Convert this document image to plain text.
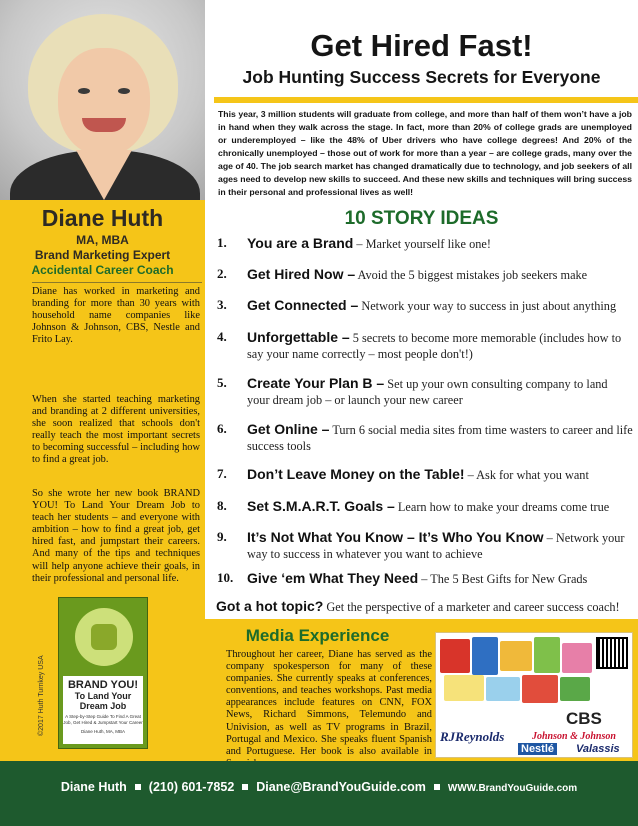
Diane Huth
MA, MBA
Brand Marketing Expert
Accidental Career Coach

Diane has worked in marketing and branding for more than 30 years with household name companies like Johnson & Johnson, CBS, Nestle and Frito Lay.

When she started teaching marketing and branding at 2 different universities, she soon realized that schools don't really teach the most important secrets to becoming successful – including how to find a great job.

So she wrote her new book BRAND YOU! To Land Your Dream Job to teach her students – and everyone with ambition – how to find a great job, get hired fast, and jumpstart their careers. And many of the tips and techniques will help anyone achieve their goals, in their professional and personal life.

BRAND YOU!
To Land Your Dream Job
A Step-by-Step Guide To Find A Great Job, Get Hired & Jumpstart Your Career
Diane Huth, MA, MBA
©2017 Huth Turnkey USA
Get Hired Fast!
Job Hunting Success Secrets for Everyone

This year, 3 million students will graduate from college, and more than half of them won’t have a job in hand when they walk across the stage. In fact, more than 20% of college grads are unemployed or underemployed – like the 48% of Uber drivers who have college degrees! And 20% of the chronically unemployed – those out of work for more than a year – are college grads, many over the age of 40. The job search market has changed dramatically due to technology, and job seekers of all ages need to develop new skills to succeed. And these new skills and techniques will bring success in their personal and professional lives as well!

10 STORY IDEAS
1. You are a Brand – Market yourself like one!
2. Get Hired Now – Avoid the 5 biggest mistakes job seekers make
3. Get Connected – Network your way to success in just about anything
4. Unforgettable – 5 secrets to become more memorable (includes how to say your name correctly – most people don't!)
5. Create Your Plan B – Set up your own consulting company to land your dream job – or launch your new career
6. Get Online – Turn 6 social media sites from time wasters to career and life success tools
7. Don’t Leave Money on the Table! – Ask for what you want
8. Set S.M.A.R.T. Goals – Learn how to make your dreams come true
9. It’s Not What You Know – It’s Who You Know – Network your way to success in whatever you want to achieve
10. Give ‘em What They Need – The 5 Best Gifts for New Grads
Got a hot topic? Get the perspective of a marketer and career success coach!
Media Experience

Throughout her career, Diane has served as the company spokesperson for many of these companies. She currently speaks at conferences, conventions, and teaches workshops. Past media appearances include features on CNN, FOX News, Richard Simmons, Telemundo and Univision, as well as TV programs in Brazil, Portugal and Mexico. She speaks fluent Spanish and Portuguese. Her book is also available in

CBS
Johnson & Johnson
RJReynolds
Nestlé Valassis
Diane Huth (210) 601-7852 Diane@BrandYouGuide.com WWW.BrandYouGuide.com
